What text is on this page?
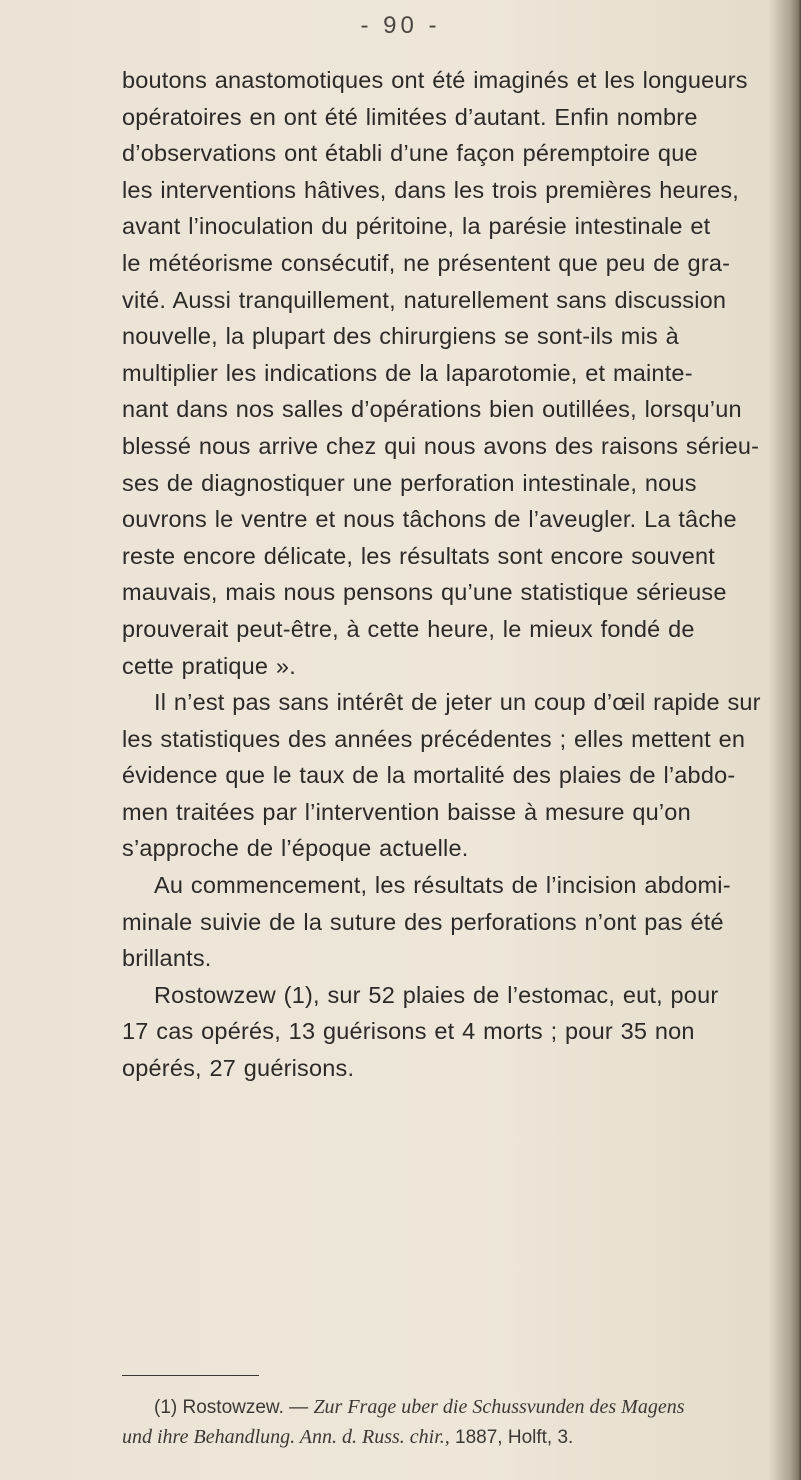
- 90 -
boutons anastomotiques ont été imaginés et les longueurs
opératoires en ont été limitées d’autant. Enfin nombre
d’observations ont établi d’une façon péremptoire que
les interventions hâtives, dans les trois premières heures,
avant l’inoculation du péritoine, la parésie intestinale et
le météorisme consécutif, ne présentent que peu de gra-
vité. Aussi tranquillement, naturellement sans discussion
nouvelle, la plupart des chirurgiens se sont-ils mis à
multiplier les indications de la laparotomie, et mainte-
nant dans nos salles d’opérations bien outillées, lorsqu’un
blessé nous arrive chez qui nous avons des raisons sérieu-
ses de diagnostiquer une perforation intestinale, nous
ouvrons le ventre et nous tâchons de l’aveugler. La tâche
reste encore délicate, les résultats sont encore souvent
mauvais, mais nous pensons qu’une statistique sérieuse
prouverait peut-être, à cette heure, le mieux fondé de
cette pratique ».
Il n’est pas sans intérêt de jeter un coup d’œil rapide sur
les statistiques des années précédentes ; elles mettent en
évidence que le taux de la mortalité des plaies de l’abdo-
men traitées par l’intervention baisse à mesure qu’on
s’approche de l’époque actuelle.
Au commencement, les résultats de l’incision abdomi-
minale suivie de la suture des perforations n’ont pas été
brillants.
Rostowzew (1), sur 52 plaies de l’estomac, eut, pour
17 cas opérés, 13 guérisons et 4 morts ; pour 35 non
opérés, 27 guérisons.
(1) Rostowzew. — Zur Frage uber die Schussvunden des Magens
und ihre Behandlung. Ann. d. Russ. chir., 1887, Holft, 3.
